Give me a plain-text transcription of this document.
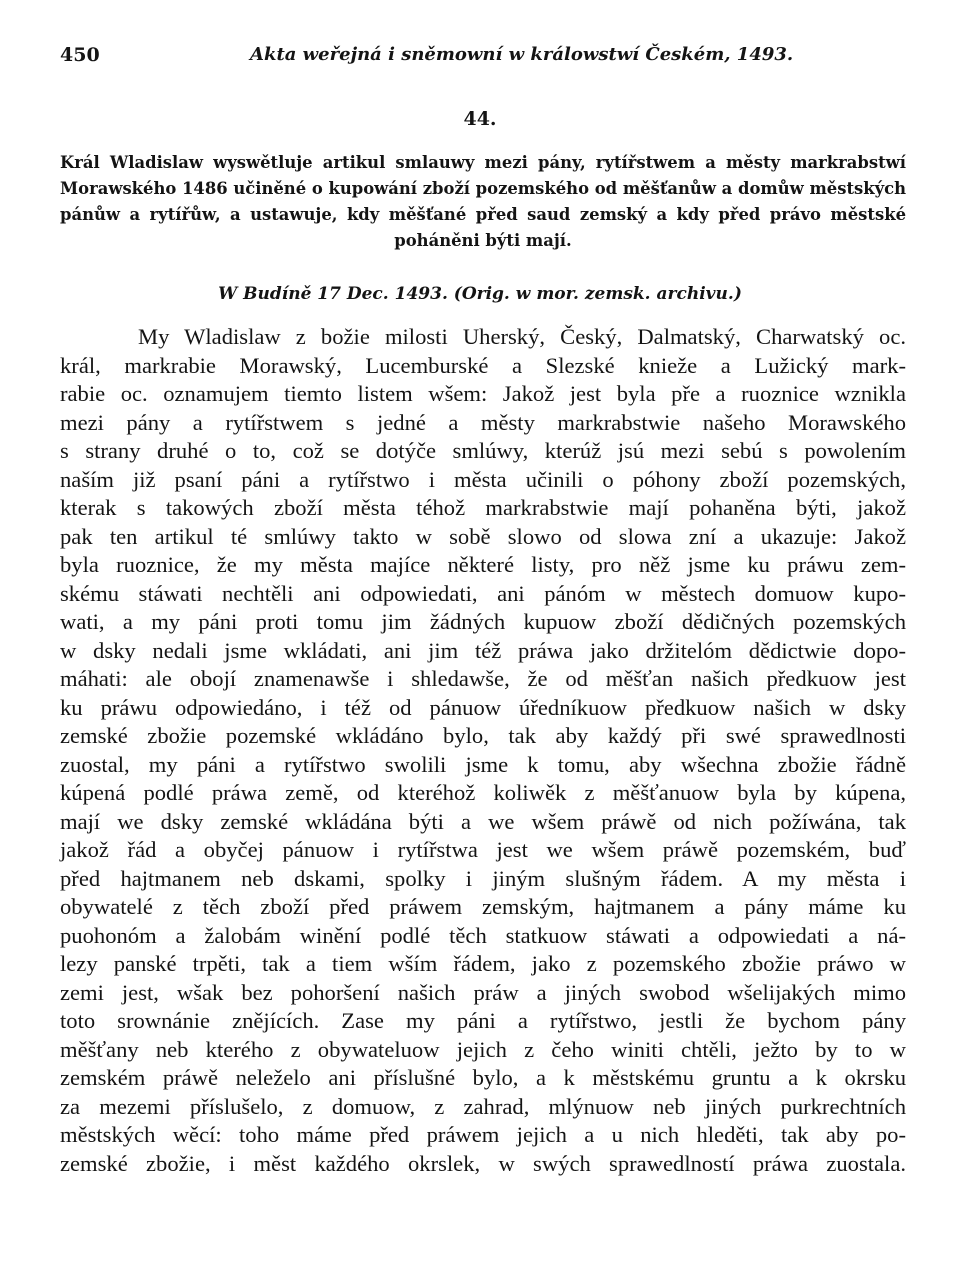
450	Akta weřejná i sněmowní w králowstwí Českém, 1493.
44.
Král Wladislaw wyswětluje artikul smlauwy mezi pány, rytířstwem a městy markrabstwí
Morawského 1486 učiněné o kupowání zboží pozemského od měšťanůw a domůw městských
pánůw a rytířůw, a ustawuje, kdy měšťané před saud zemský a kdy před právo městské
poháněni býti mají.
W Budíně 17 Dec. 1493. (Orig. w mor. zemsk. archivu.)
My Wladislaw z božie milosti Uherský, Český, Dalmatský, Charwatský oc.
král, markrabie Morawský, Lucemburské a Slezské knieže a Lužický mark-
rabie oc. oznamujem tiemto listem wšem: Jakož jest byla pře a ruoznice wznikla
mezi pány a rytířstwem s jedné a městy markrabstwie našeho Morawského
s strany druhé o to, což se dotýče smlúwy, kterúž jsú mezi sebú s powolením
naším již psaní páni a rytířstwo i města učinili o póhony zboží pozemských,
kterak s takowých zboží města téhož markrabstwie mají pohaněna býti, jakož
pak ten artikul té smlúwy takto w sobě slowo od slowa zní a ukazuje: Jakož
byla ruoznice, že my města majíce některé listy, pro něž jsme ku práwu zem-
skému stáwati nechtěli ani odpowiedati, ani pánóm w městech domuow kupo-
wati, a my páni proti tomu jim žádných kupuow zboží dědičných pozemských
w dsky nedali jsme wkládati, ani jim též práwa jako držitelóm dědictwie dopo-
máhati: ale obojí znamenawše i shledawše, že od měšťan našich předkuow jest
ku práwu odpowiedáno, i též od pánuow úředníkuow předkuow našich w dsky
zemské zbožie pozemské wkládáno bylo, tak aby každý při swé sprawedlnosti
zuostal, my páni a rytířstwo swolili jsme k tomu, aby wšechna zbožie řádně
kúpená podlé práwa země, od kteréhož koliwěk z měšťanuow byla by kúpena,
mají we dsky zemské wkládána býti a we wšem práwě od nich požíwána, tak
jakož řád a obyčej pánuow i rytířstwa jest we wšem práwě pozemském, buď
před hajtmanem neb dskami, spolky i jiným slušným řádem. A my města i
obywatelé z těch zboží před práwem zemským, hajtmanem a pány máme ku
puohonóm a žalobám winění podlé těch statkuow stáwati a odpowiedati a ná-
lezy panské trpěti, tak a tiem wším řádem, jako z pozemského zbožie práwo w
zemi jest, wšak bez pohoršení našich práw a jiných swobod wšelijakých mimo
toto srownánie znějících. Zase my páni a rytířstwo, jestli že bychom pány
měšťany neb kterého z obywateluow jejich z čeho winiti chtěli, ježto by to w
zemském práwě neleželo ani příslušné bylo, a k městskému gruntu a k okrsku
za mezemi příslušelo, z domuow, z zahrad, mlýnuow neb jiných purkrechtních
městských wěcí: toho máme před práwem jejich a u nich hleděti, tak aby po-
zemské zbožie, i měst každého okrslek, w swých sprawedlností práwa zuostala.
